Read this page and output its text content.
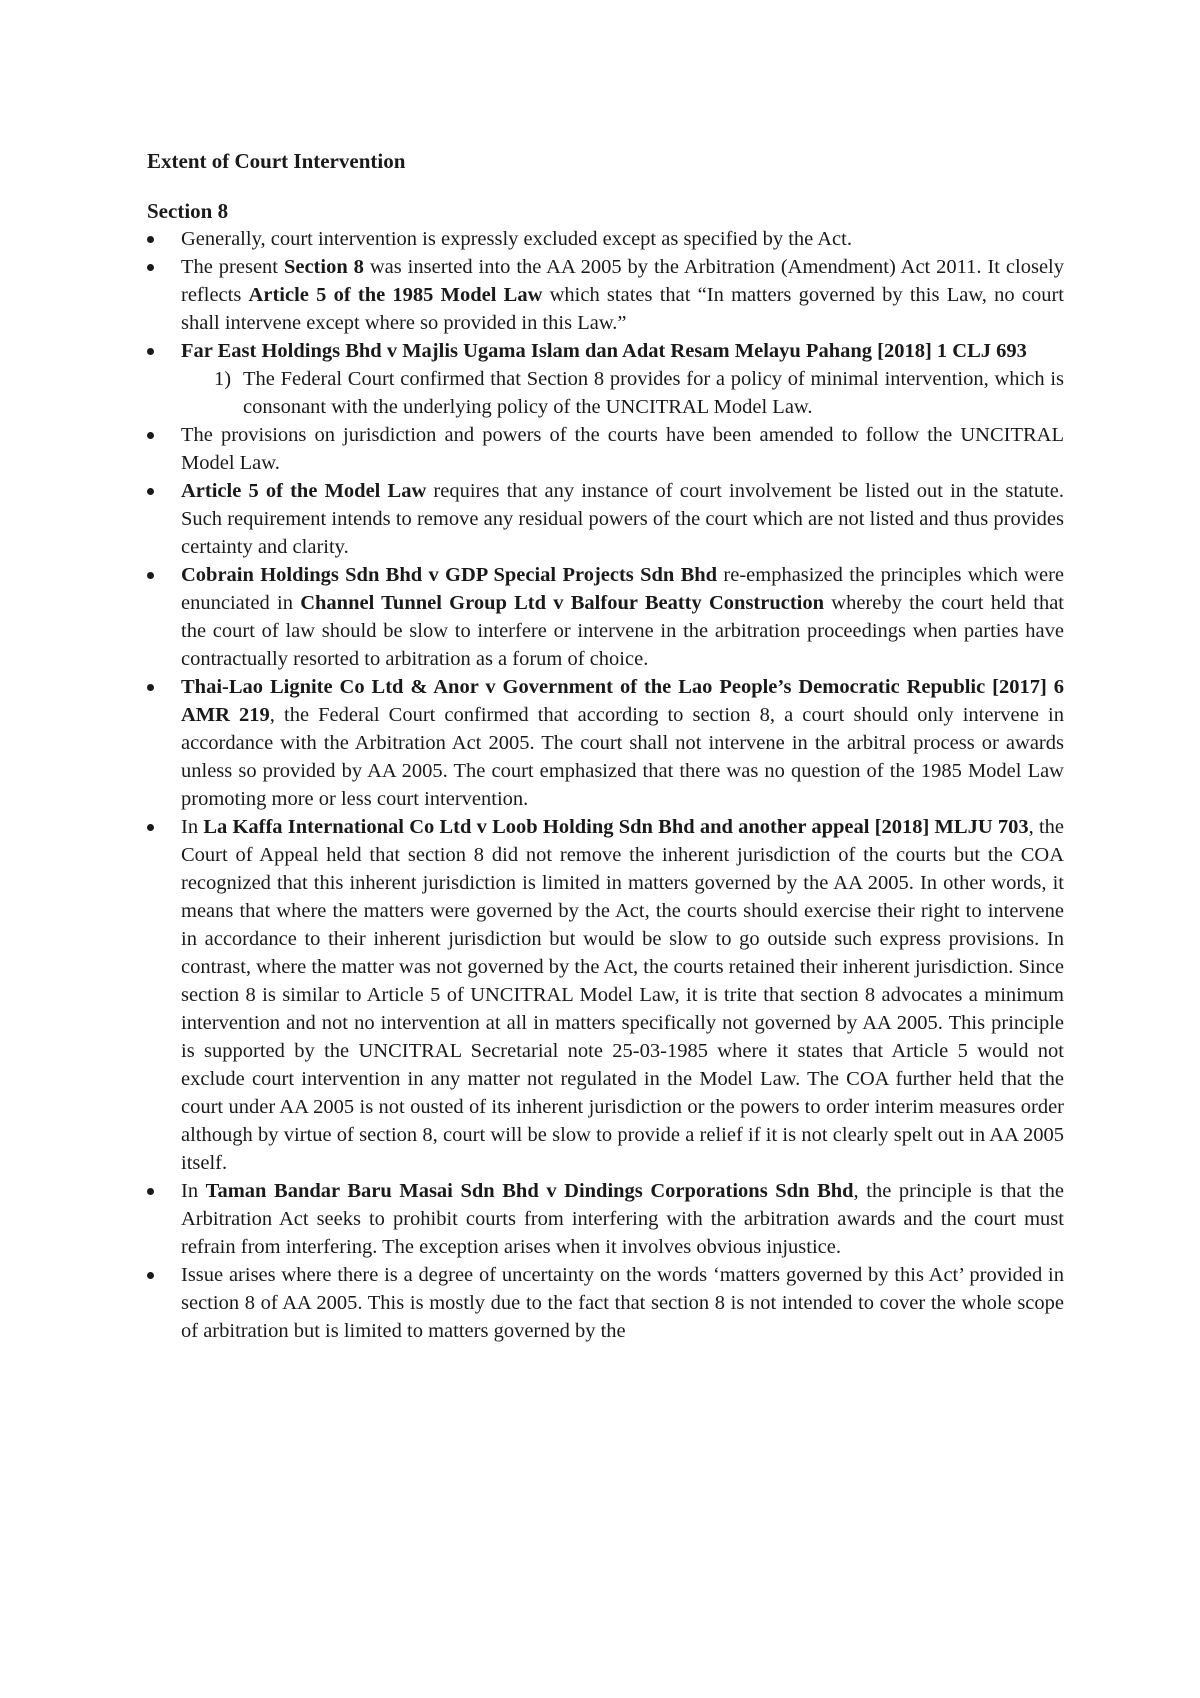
Extent of Court Intervention
Section 8
Generally, court intervention is expressly excluded except as specified by the Act.
The present Section 8 was inserted into the AA 2005 by the Arbitration (Amendment) Act 2011. It closely reflects Article 5 of the 1985 Model Law which states that “In matters governed by this Law, no court shall intervene except where so provided in this Law.”
Far East Holdings Bhd v Majlis Ugama Islam dan Adat Resam Melayu Pahang [2018] 1 CLJ 693
1) The Federal Court confirmed that Section 8 provides for a policy of minimal intervention, which is consonant with the underlying policy of the UNCITRAL Model Law.
The provisions on jurisdiction and powers of the courts have been amended to follow the UNCITRAL Model Law.
Article 5 of the Model Law requires that any instance of court involvement be listed out in the statute. Such requirement intends to remove any residual powers of the court which are not listed and thus provides certainty and clarity.
Cobrain Holdings Sdn Bhd v GDP Special Projects Sdn Bhd re-emphasized the principles which were enunciated in Channel Tunnel Group Ltd v Balfour Beatty Construction whereby the court held that the court of law should be slow to interfere or intervene in the arbitration proceedings when parties have contractually resorted to arbitration as a forum of choice.
Thai-Lao Lignite Co Ltd & Anor v Government of the Lao People’s Democratic Republic [2017] 6 AMR 219, the Federal Court confirmed that according to section 8, a court should only intervene in accordance with the Arbitration Act 2005. The court shall not intervene in the arbitral process or awards unless so provided by AA 2005. The court emphasized that there was no question of the 1985 Model Law promoting more or less court intervention.
In La Kaffa International Co Ltd v Loob Holding Sdn Bhd and another appeal [2018] MLJU 703, the Court of Appeal held that section 8 did not remove the inherent jurisdiction of the courts but the COA recognized that this inherent jurisdiction is limited in matters governed by the AA 2005. In other words, it means that where the matters were governed by the Act, the courts should exercise their right to intervene in accordance to their inherent jurisdiction but would be slow to go outside such express provisions. In contrast, where the matter was not governed by the Act, the courts retained their inherent jurisdiction. Since section 8 is similar to Article 5 of UNCITRAL Model Law, it is trite that section 8 advocates a minimum intervention and not no intervention at all in matters specifically not governed by AA 2005. This principle is supported by the UNCITRAL Secretarial note 25-03-1985 where it states that Article 5 would not exclude court intervention in any matter not regulated in the Model Law. The COA further held that the court under AA 2005 is not ousted of its inherent jurisdiction or the powers to order interim measures order although by virtue of section 8, court will be slow to provide a relief if it is not clearly spelt out in AA 2005 itself.
In Taman Bandar Baru Masai Sdn Bhd v Dindings Corporations Sdn Bhd, the principle is that the Arbitration Act seeks to prohibit courts from interfering with the arbitration awards and the court must refrain from interfering. The exception arises when it involves obvious injustice.
Issue arises where there is a degree of uncertainty on the words ‘matters governed by this Act’ provided in section 8 of AA 2005. This is mostly due to the fact that section 8 is not intended to cover the whole scope of arbitration but is limited to matters governed by the
